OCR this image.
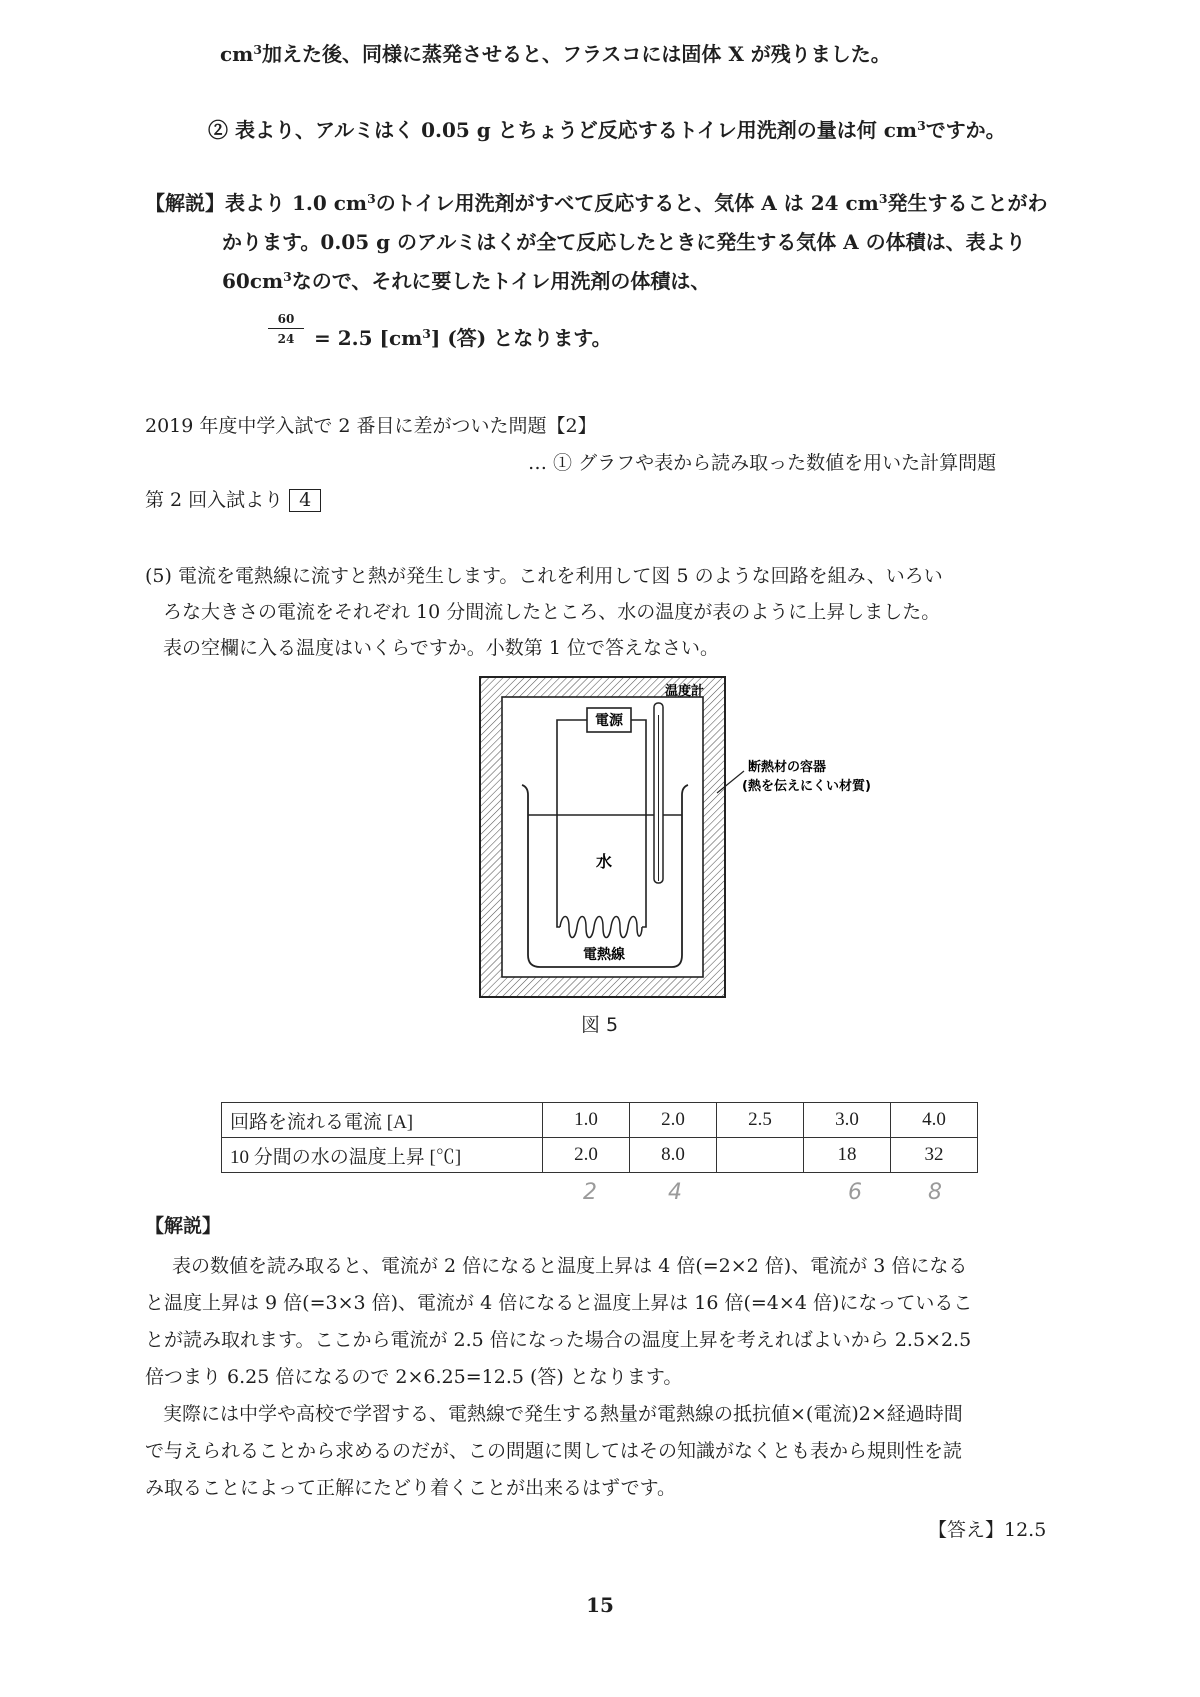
$cm^3$加えた後、同様に蒸発させると、フラスコには固体 X が残りました。
② 表より、アルミはく 0.05 g とちょうど反応するトイレ用洗剤の量は何 $cm^3$ですか。
【解説】表より 1.0 $cm^3$のトイレ用洗剤がすべて反応すると、気体 A は 24 $cm^3$発生することがわ
かります。0.05 g のアルミはくが全て反応したときに発生する気体 A の体積は、表より
$60cm^3$なので、それに要したトイレ用洗剤の体積は、
$\frac{60}{24} = 2.5$ $[cm^3]$ (答) となります。
2019 年度中学入試で 2 番目に差がついた問題【2】
… ① グラフや表から読み取った数値を用いた計算問題
第 2 回入試より 4
(5) 電流を電熱線に流すと熱が発生します。これを利用して図 5 のような回路を組み、いろい
ろな大きさの電流をそれぞれ 10 分間流したところ、水の温度が表のように上昇しました。
表の空欄に入る温度はいくらですか。小数第 1 位で答えなさい。
電源
温度計
水
電熱線
断熱材の容器
(熱を伝えにくい材質)
図 5
回路を流れる電流 [A]	1.0	2.0	2.5	3.0	4.0
10 分間の水の温度上昇 [℃]	2.0	8.0		18	32
2	4	6	8
【解説】
表の数値を読み取ると、電流が 2 倍になると温度上昇は 4 倍(=2×2 倍)、電流が 3 倍になる
と温度上昇は 9 倍(=3×3 倍)、電流が 4 倍になると温度上昇は 16 倍(=4×4 倍)になっているこ
とが読み取れます。ここから電流が 2.5 倍になった場合の温度上昇を考えればよいから 2.5×2.5
倍つまり 6.25 倍になるので 2×6.25=12.5 (答) となります。
実際には中学や高校で学習する、電熱線で発生する熱量が電熱線の抵抗値×(電流)2×経過時間
で与えられることから求めるのだが、この問題に関してはその知識がなくとも表から規則性を読
み取ることによって正解にたどり着くことが出来るはずです。
【答え】12.5
15
